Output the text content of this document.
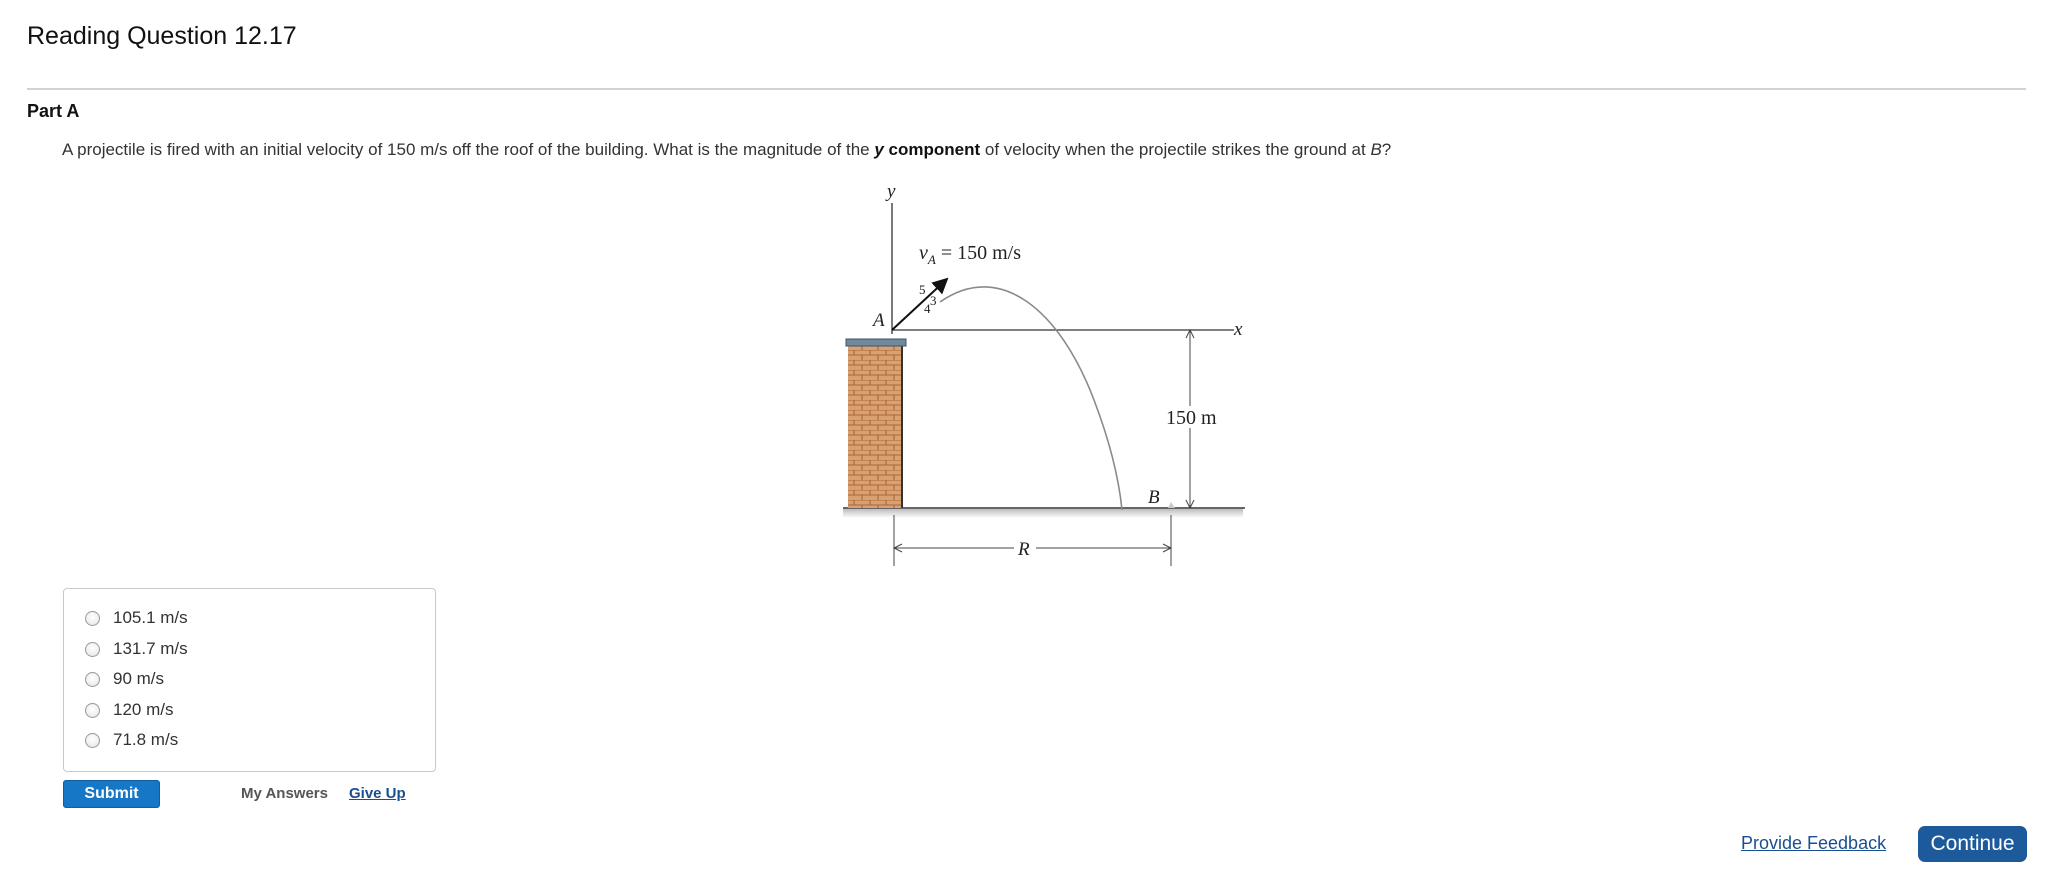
Reading Question 12.17
Part A
A projectile is fired with an initial velocity of 150 m/s off the roof of the building. What is the magnitude of the y component of velocity when the projectile strikes the ground at B?
y
x
A
5
3
4
$v_A = 150$ m/s
B
150 m
R
105.1 m/s
131.7 m/s
90 m/s
120 m/s
71.8 m/s
Submit	My Answers Give Up
Provide Feedback	Continue
